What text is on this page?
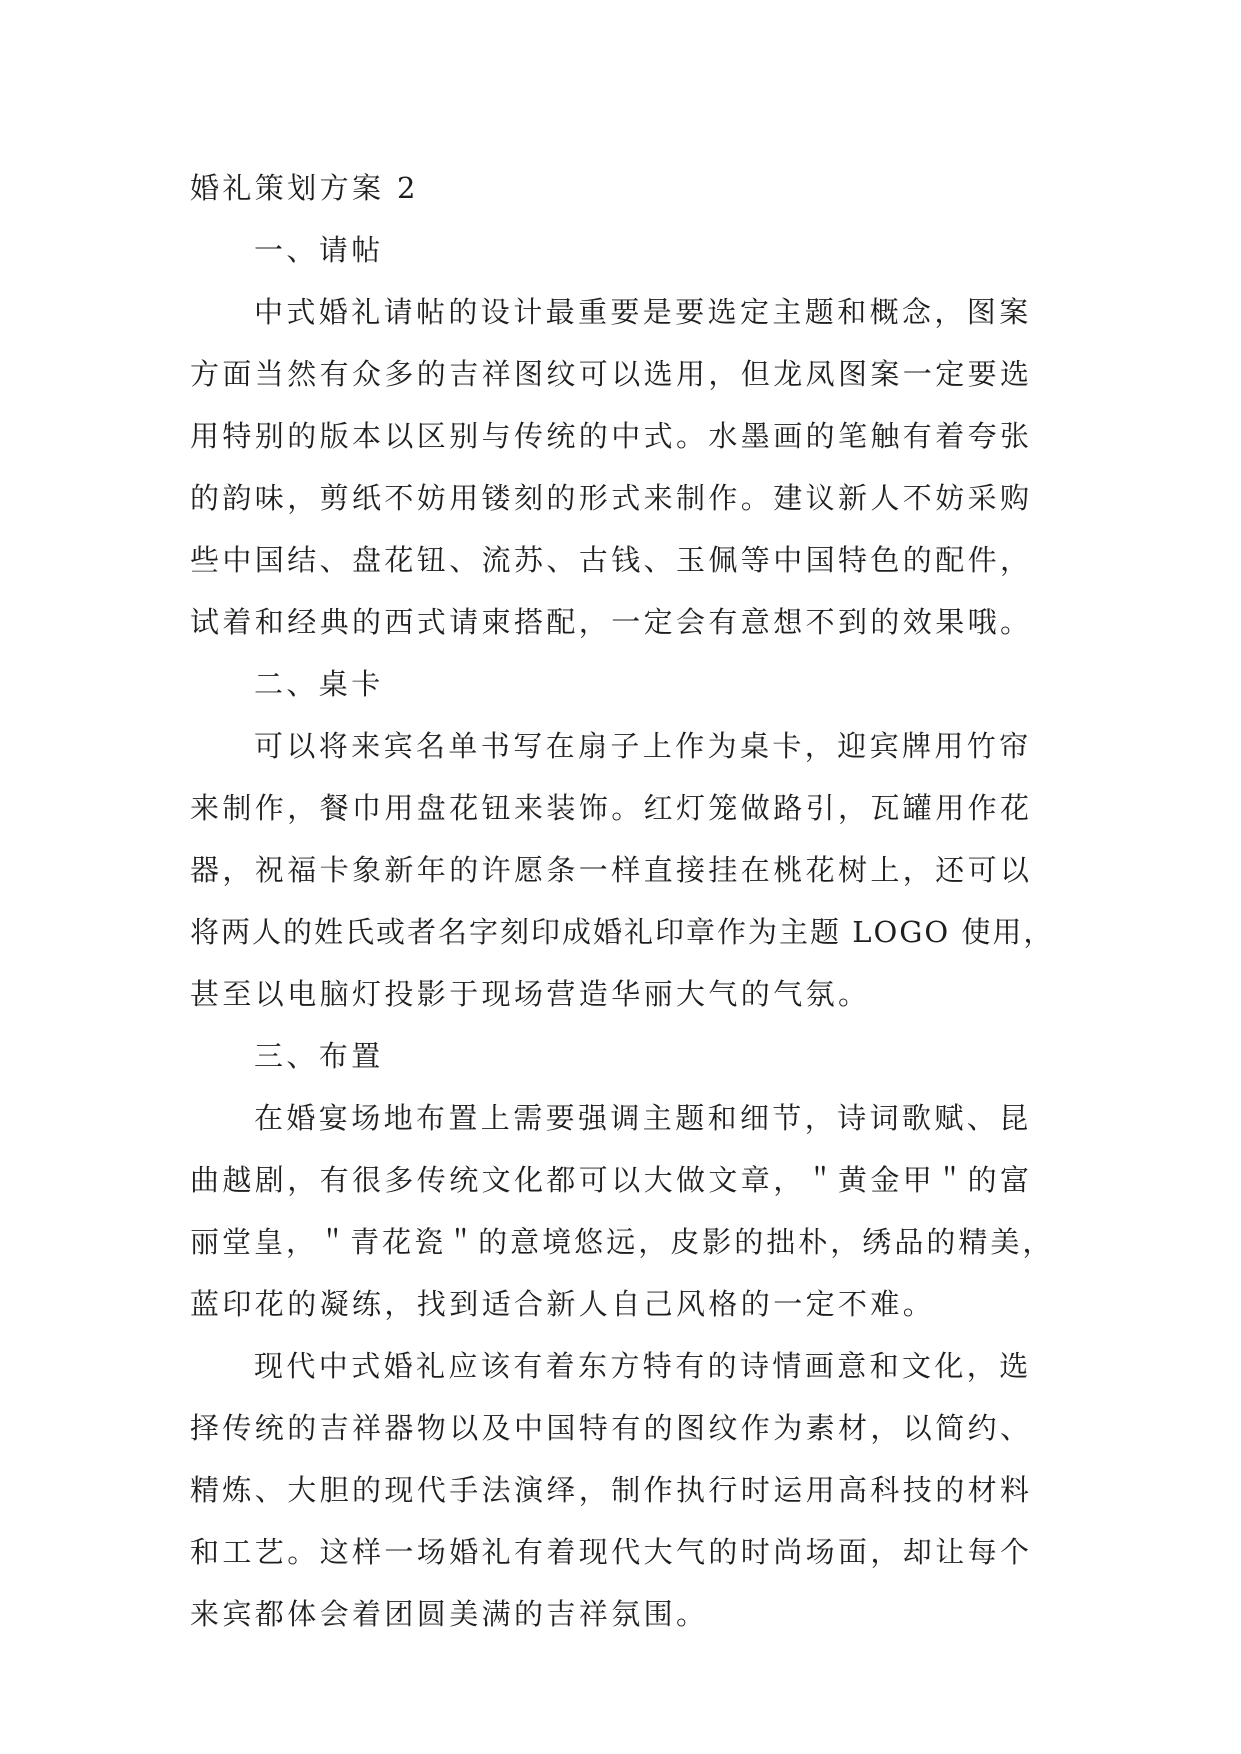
婚礼策划方案 2
一、请帖
中式婚礼请帖的设计最重要是要选定主题和概念，图案
方面当然有众多的吉祥图纹可以选用，但龙凤图案一定要选
用特别的版本以区别与传统的中式。水墨画的笔触有着夸张
的韵味，剪纸不妨用镂刻的形式来制作。建议新人不妨采购
些中国结、盘花钮、流苏、古钱、玉佩等中国特色的配件，
试着和经典的西式请柬搭配，一定会有意想不到的效果哦。
二、桌卡
可以将来宾名单书写在扇子上作为桌卡，迎宾牌用竹帘
来制作，餐巾用盘花钮来装饰。红灯笼做路引，瓦罐用作花
器，祝福卡象新年的许愿条一样直接挂在桃花树上，还可以
将两人的姓氏或者名字刻印成婚礼印章作为主题 LOGO 使用，
甚至以电脑灯投影于现场营造华丽大气的气氛。
三、布置
在婚宴场地布置上需要强调主题和细节，诗词歌赋、昆
曲越剧，有很多传统文化都可以大做文章，＂黄金甲＂的富
丽堂皇，＂青花瓷＂的意境悠远，皮影的拙朴，绣品的精美，
蓝印花的凝练，找到适合新人自己风格的一定不难。
现代中式婚礼应该有着东方特有的诗情画意和文化，选
择传统的吉祥器物以及中国特有的图纹作为素材，以简约、
精炼、大胆的现代手法演绎，制作执行时运用高科技的材料
和工艺。这样一场婚礼有着现代大气的时尚场面，却让每个
来宾都体会着团圆美满的吉祥氛围。
